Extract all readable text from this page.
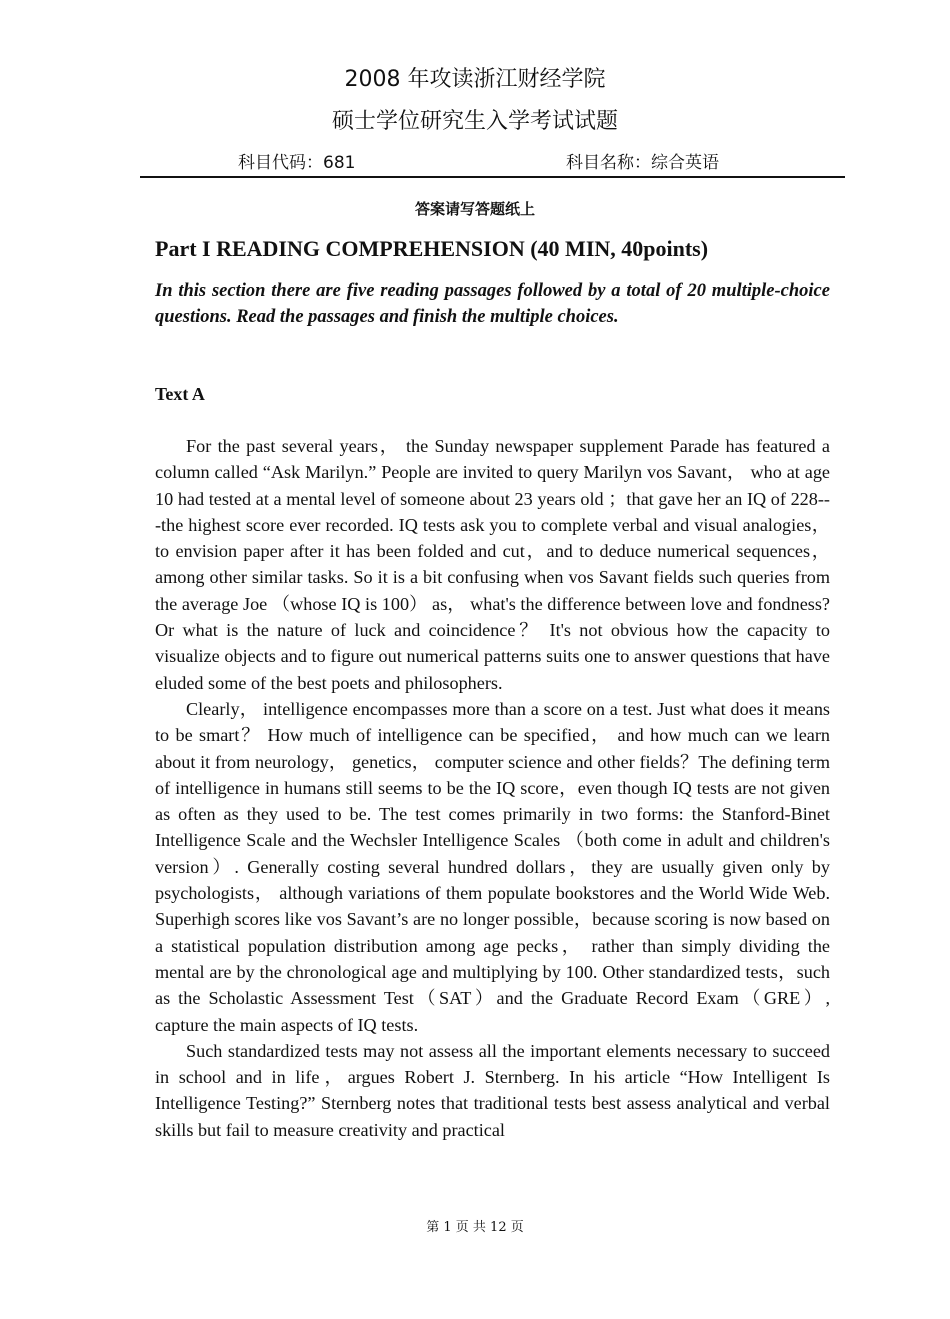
2008 年攻读浙江财经学院
硕士学位研究生入学考试试题
科目代码：681	科目名称：综合英语
答案请写答题纸上
Part I READING COMPREHENSION (40 MIN, 40points)
In this section there are five reading passages followed by a total of 20 multiple-choice questions. Read the passages and finish the multiple choices.
Text A

For the past several years， the Sunday newspaper supplement Parade has featured a column called “Ask Marilyn.” People are invited to query Marilyn vos Savant， who at age 10 had tested at a mental level of someone about 23 years old ；that gave her an IQ of 228---the highest score ever recorded. IQ tests ask you to complete verbal and visual analogies，to envision paper after it has been folded and cut，and to deduce numerical sequences， among other similar tasks. So it is a bit confusing when vos Savant fields such queries from the average Joe （whose IQ is 100） as， what's the difference between love and fondness? Or what is the nature of luck and coincidence？ It's not obvious how the capacity to visualize objects and to figure out numerical patterns suits one to answer questions that have eluded some of the best poets and philosophers.

Clearly， intelligence encompasses more than a score on a test. Just what does it means to be smart？ How much of intelligence can be specified， and how much can we learn about it from neurology， genetics， computer science and other fields？The defining term of intelligence in humans still seems to be the IQ score，even though IQ tests are not given as often as they used to be. The test comes primarily in two forms: the Stanford-Binet Intelligence Scale and the Wechsler Intelligence Scales （both come in adult and children's version）. Generally costing several hundred dollars，they are usually given only by psychologists， although variations of them populate bookstores and the World Wide Web. Superhigh scores like vos Savant’s are no longer possible，because scoring is now based on a statistical population distribution among age pecks， rather than simply dividing the mental are by the chronological age and multiplying by 100. Other standardized tests，such as the Scholastic Assessment Test（SAT）and the Graduate Record Exam（GRE）, capture the main aspects of IQ tests.

Such standardized tests may not assess all the important elements necessary to succeed in school and in life，argues Robert J. Sternberg. In his article “How Intelligent Is Intelligence Testing?” Sternberg notes that traditional tests best assess analytical and verbal skills but fail to measure creativity and practical

第 1 页 共 12 页
